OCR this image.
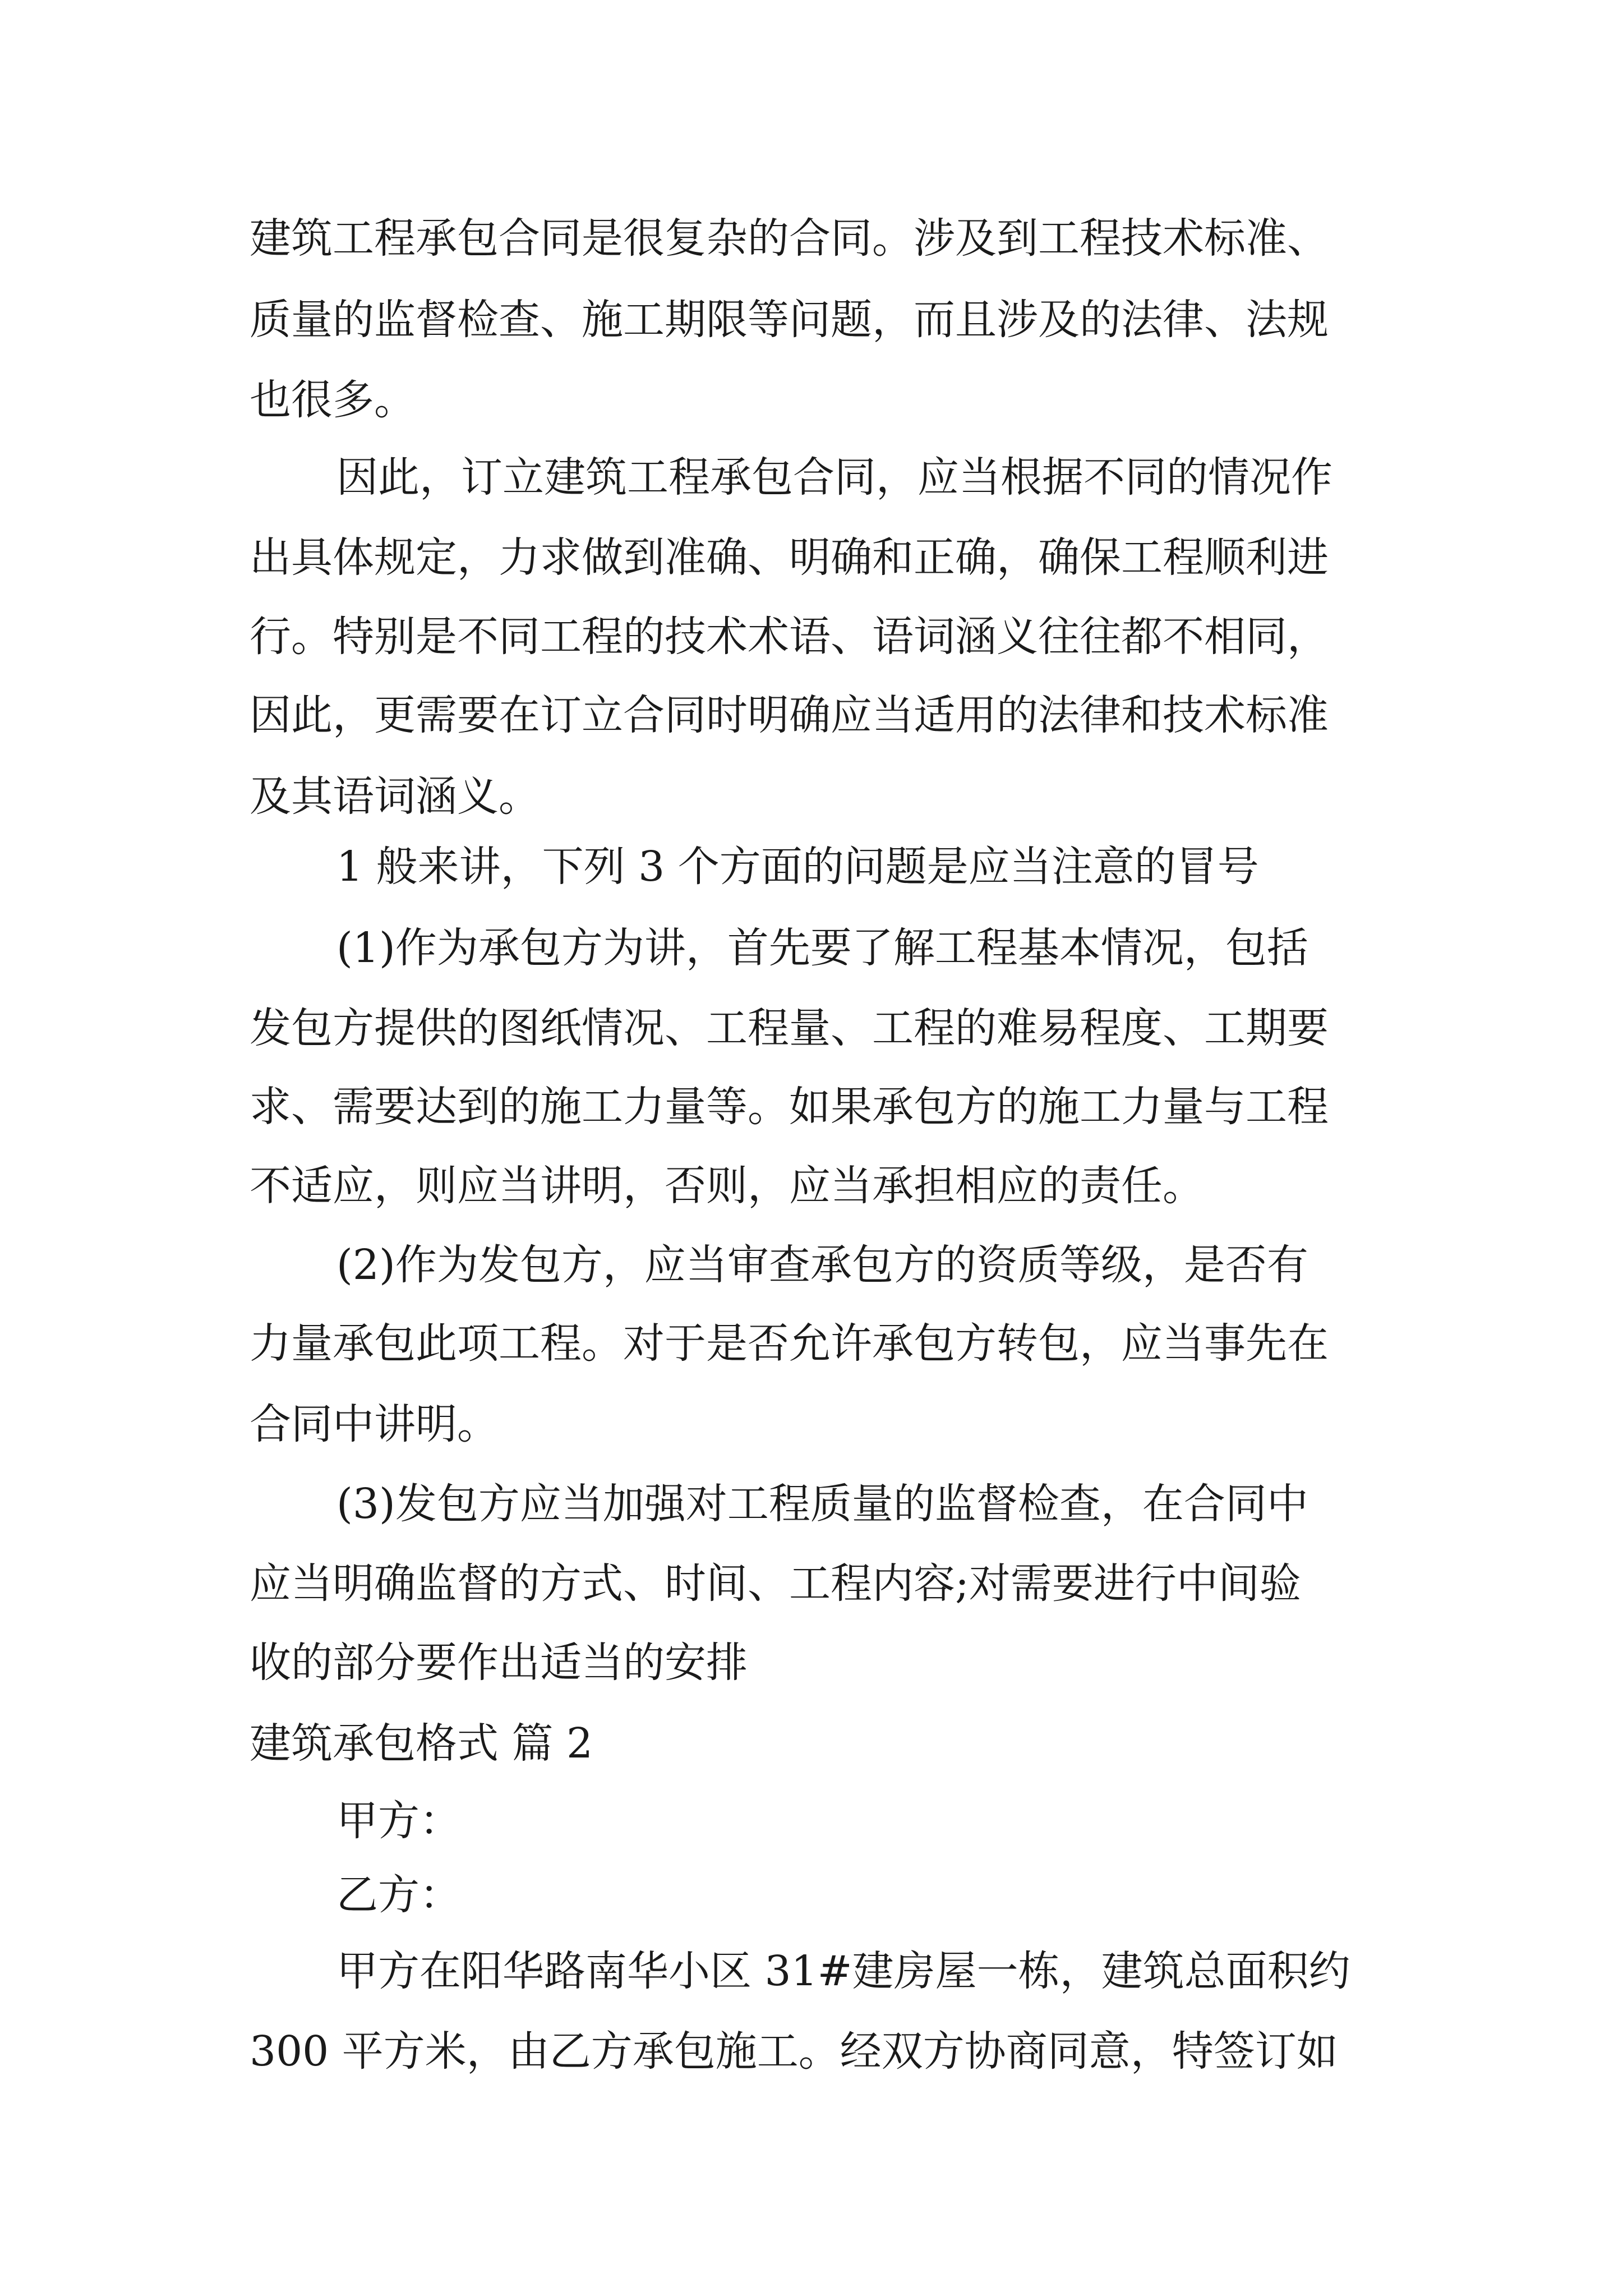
建筑工程承包合同是很复杂的合同。涉及到工程技术标准、
质量的监督检查、施工期限等问题，而且涉及的法律、法规
也很多。
因此，订立建筑工程承包合同，应当根据不同的情况作
出具体规定，力求做到准确、明确和正确，确保工程顺利进
行。特别是不同工程的技术术语、语词涵义往往都不相同，
因此，更需要在订立合同时明确应当适用的法律和技术标准
及其语词涵义。
1 般来讲，下列 3 个方面的问题是应当注意的冒号
(1)作为承包方为讲，首先要了解工程基本情况，包括
发包方提供的图纸情况、工程量、工程的难易程度、工期要
求、需要达到的施工力量等。如果承包方的施工力量与工程
不适应，则应当讲明，否则，应当承担相应的责任。
(2)作为发包方，应当审查承包方的资质等级，是否有
力量承包此项工程。对于是否允许承包方转包，应当事先在
合同中讲明。
(3)发包方应当加强对工程质量的监督检查，在合同中
应当明确监督的方式、时间、工程内容;对需要进行中间验
收的部分要作出适当的安排
建筑承包格式 篇 2
甲方：
乙方：
甲方在阳华路南华小区 31#建房屋一栋，建筑总面积约
300 平方米，由乙方承包施工。经双方协商同意，特签订如
